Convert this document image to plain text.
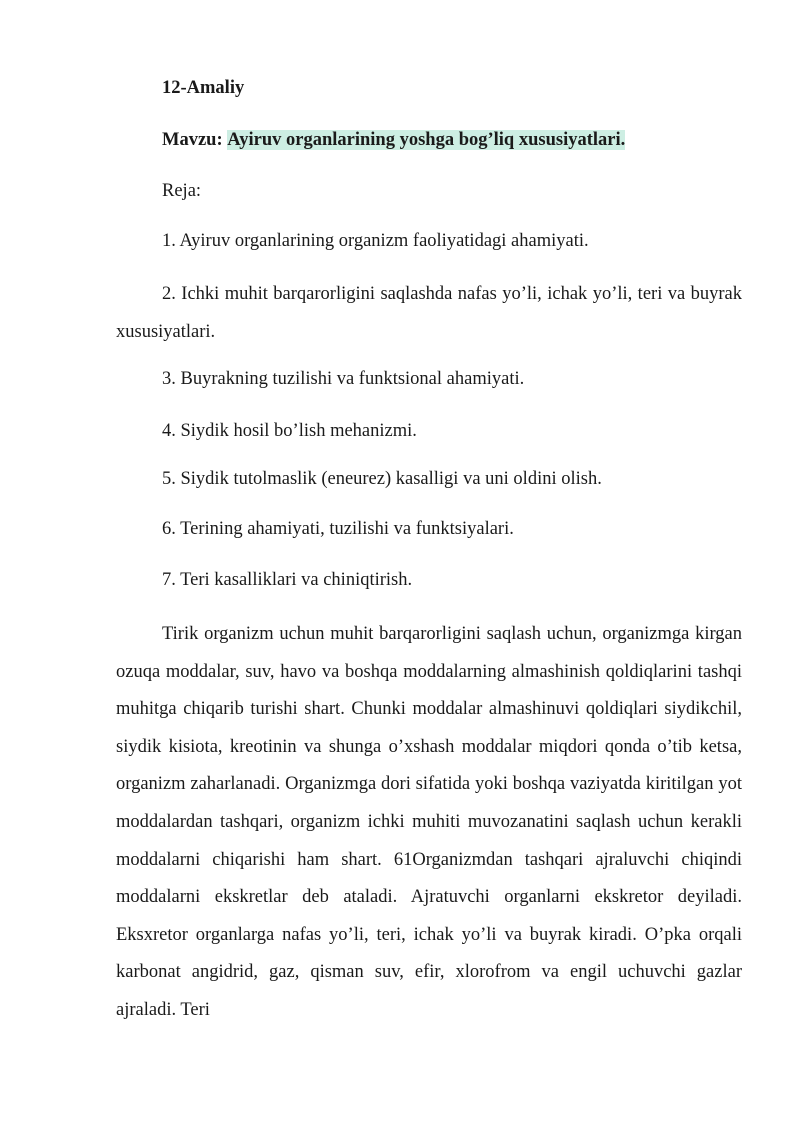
12-Amaliy
Mavzu: Ayiruv organlarining yoshga bog’liq xususiyatlari.
Reja:
1. Ayiruv organlarining organizm faoliyatidagi ahamiyati.

2. Ichki muhit barqarorligini saqlashda nafas yo’li, ichak yo’li, teri va buyrak xususiyatlari.

3. Buyrakning tuzilishi va funktsional ahamiyati.
4. Siydik hosil bo’lish mehanizmi.
5. Siydik tutolmaslik (eneurez) kasalligi va uni oldini olish.
6. Terining ahamiyati, tuzilishi va funktsiyalari.
7. Teri kasalliklari va chiniqtirish.

Tirik organizm uchun muhit barqarorligini saqlash uchun, organizmga kirgan ozuqa moddalar, suv, havo va boshqa moddalarning almashinish qoldiqlarini tashqi muhitga chiqarib turishi shart. Chunki moddalar almashinuvi qoldiqlari siydikchil, siydik kisiota, kreotinin va shunga o’xshash moddalar miqdori qonda o’tib ketsa, organizm zaharlanadi. Organizmga dori sifatida yoki boshqa vaziyatda kiritilgan yot moddalardan tashqari, organizm ichki muhiti muvozanatini saqlash uchun kerakli moddalarni chiqarishi ham shart. 61Organizmdan tashqari ajraluvchi chiqindi moddalarni ekskretlar deb ataladi. Ajratuvchi organlarni ekskretor deyiladi. Eksxretor organlarga nafas yo’li, teri, ichak yo’li va buyrak kiradi. O’pka orqali karbonat angidrid, gaz, qisman suv, efir, xlorofrom va engil uchuvchi gazlar ajraladi. Teri
